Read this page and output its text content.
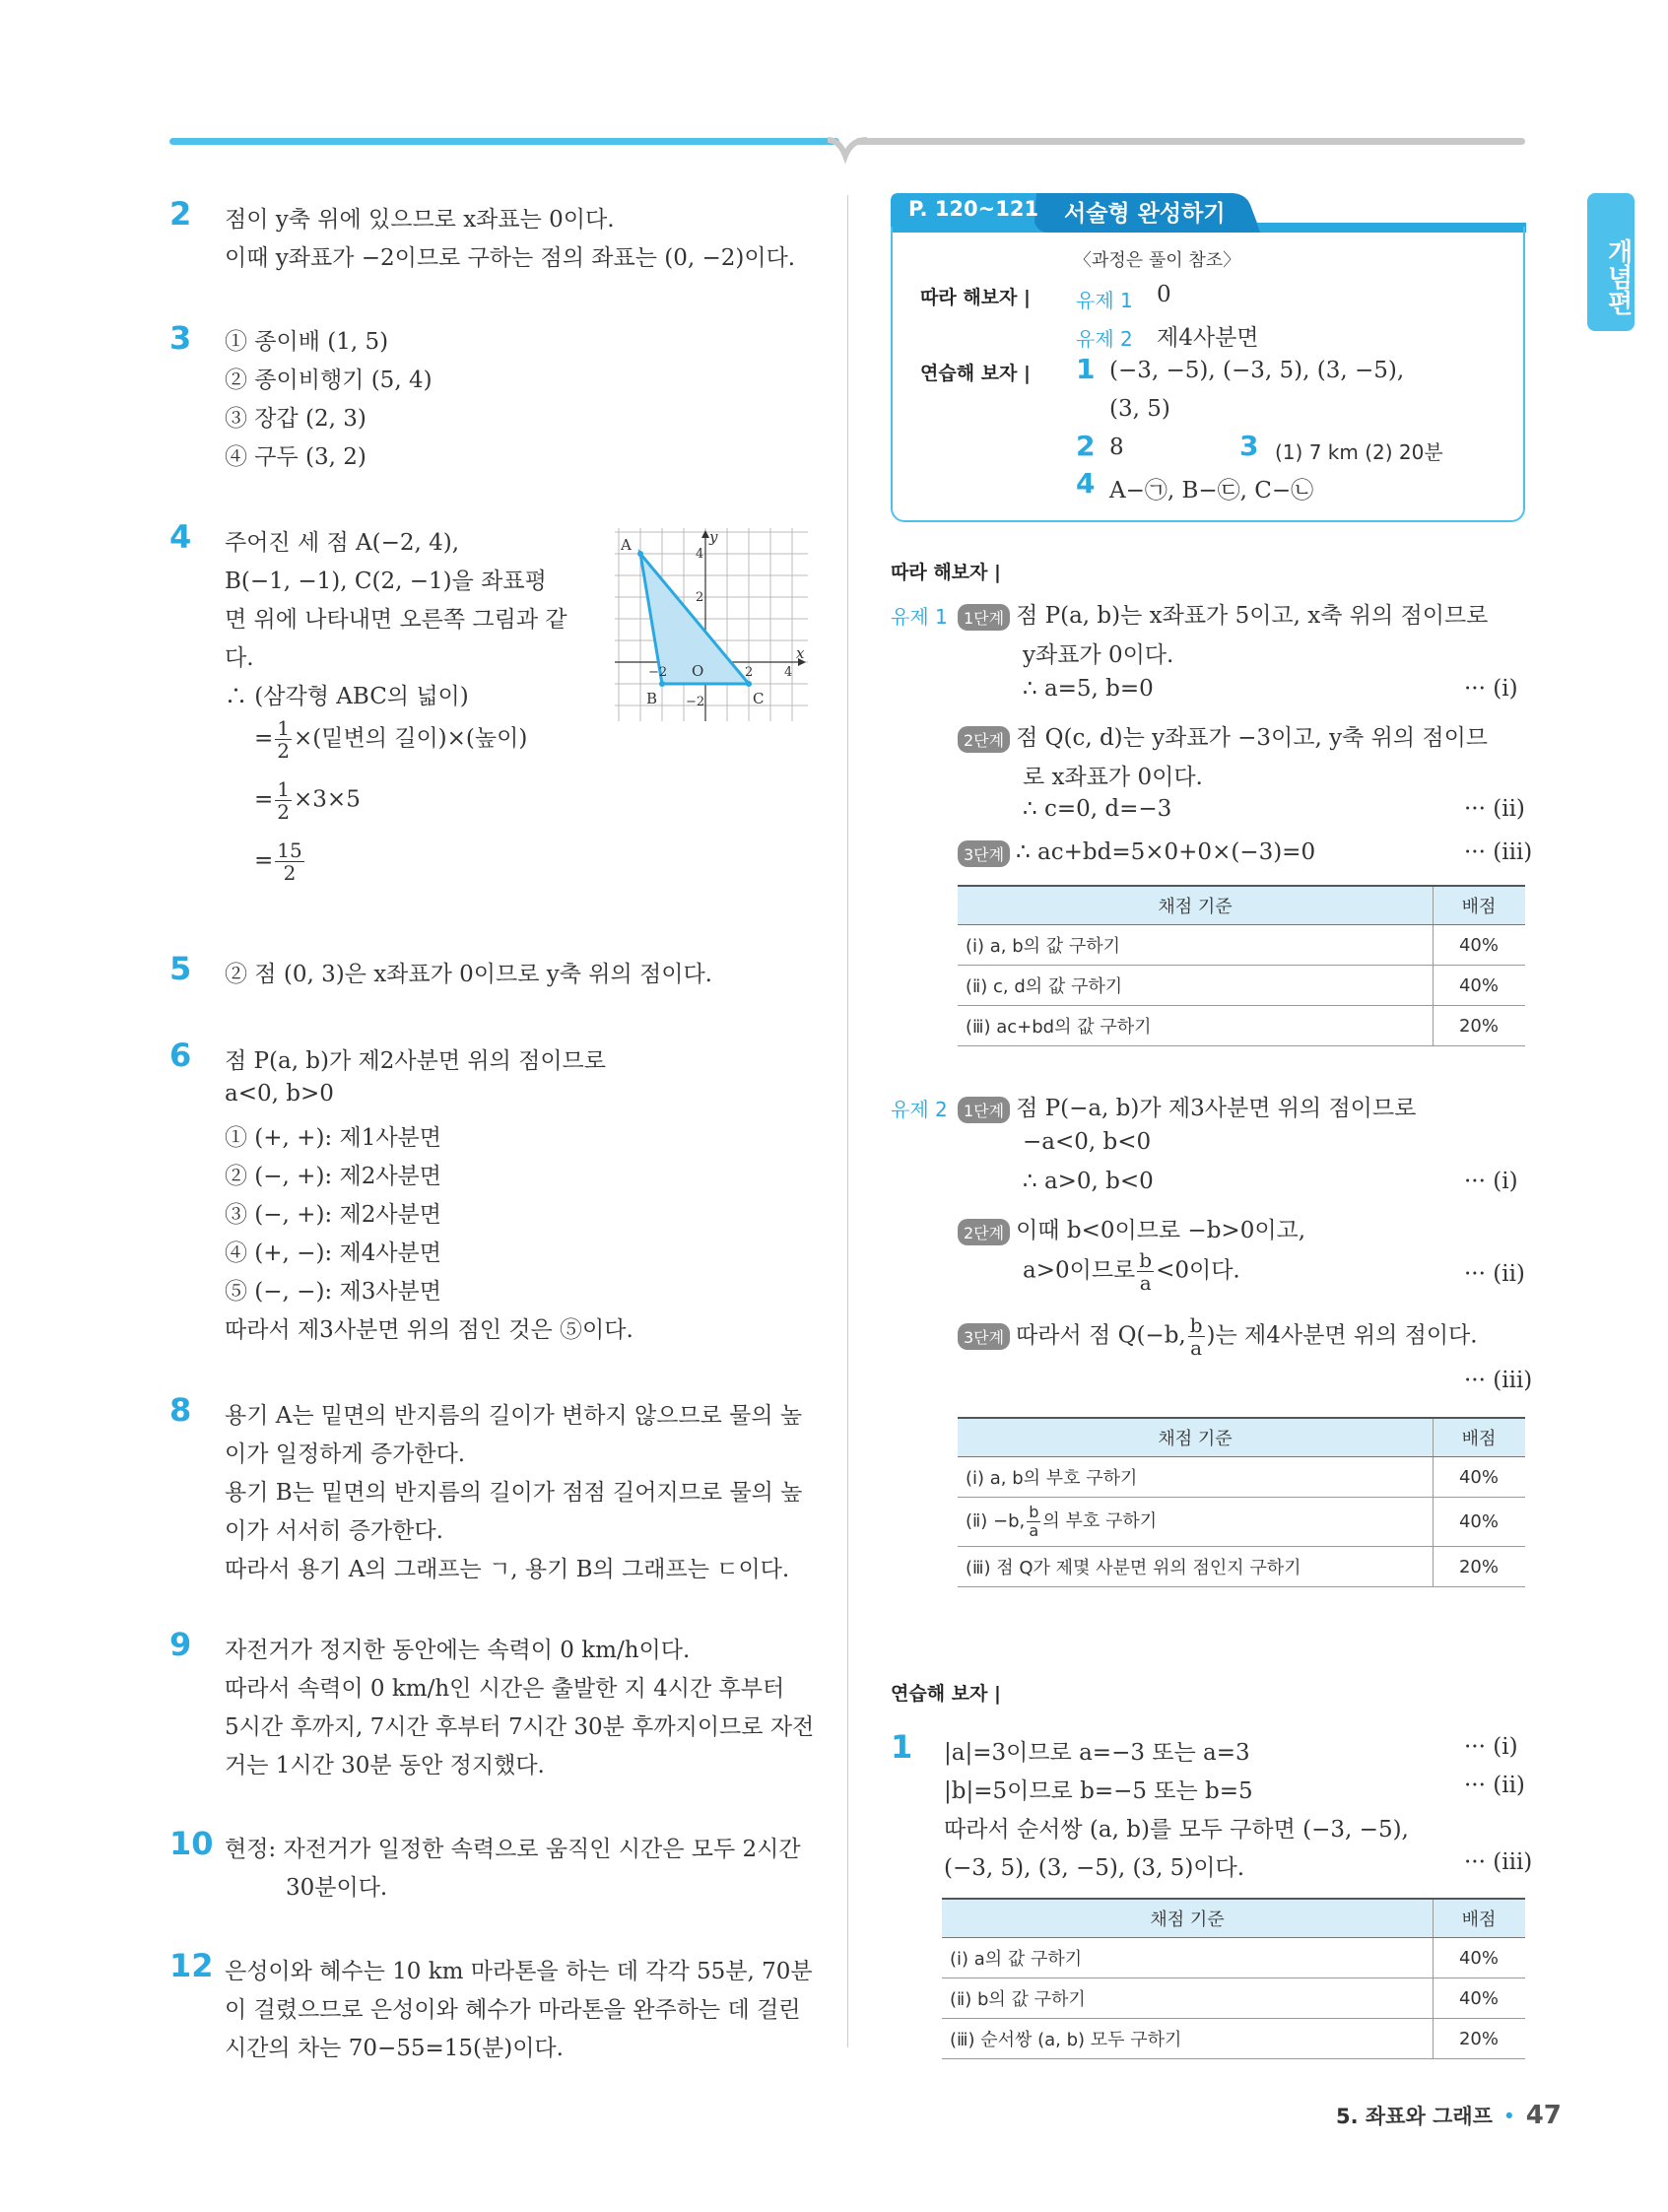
개념편
2 점이 y축 위에 있으므로 x좌표는 0이다.
이때 y좌표가 −2이므로 구하는 점의 좌표는 (0, −2)이다.
3 ① 종이배 (1, 5)
② 종이비행기 (5, 4)
③ 장갑 (2, 3)
④ 구두 (3, 2)
4 주어진 세 점 A(−2, 4),
B(−1, −1), C(2, −1)을 좌표평
면 위에 나타내면 오른쪽 그림과 같
다.
∴ (삼각형 ABC의 넓이)
= $\frac{1}{2}$ ×(밑변의 길이)×(높이)
= $\frac{1}{2} \times 3\times 5$
= $\frac{15}{2}$
A
B	C
O
x
y
4
2
−2	2 4
−2
5 ② 점 (0, 3)은 x좌표가 0이므로 y축 위의 점이다.
6 점 P(a, b)가 제2사분면 위의 점이므로
a<0, b>0
① (+, +): 제1사분면
② (−, +): 제2사분면
③ (−, +): 제2사분면
④ (+, −): 제4사분면
⑤ (−, −): 제3사분면
따라서 제3사분면 위의 점인 것은 ⑤이다.
8 용기 A는 밑면의 반지름의 길이가 변하지 않으므로 물의 높
이가 일정하게 증가한다.
용기 B는 밑면의 반지름의 길이가 점점 길어지므로 물의 높
이가 서서히 증가한다.
따라서 용기 A의 그래프는 ㄱ, 용기 B의 그래프는 ㄷ이다.
9 자전거가 정지한 동안에는 속력이 0 km/h이다.
따라서 속력이 0 km/h인 시간은 출발한 지 4시간 후부터
5시간 후까지, 7시간 후부터 7시간 30분 후까지이므로 자전
거는 1시간 30분 동안 정지했다.
10 현정: 자전거가 일정한 속력으로 움직인 시간은 모두 2시간
30분이다.
12 은성이와 혜수는 10 km 마라톤을 하는 데 각각 55분, 70분
이 걸렸으므로 은성이와 혜수가 마라톤을 완주하는 데 걸린
시간의 차는 70−55=15(분)이다.
P. 120~121 서술형 완성하기
〈과정은 풀이 참조〉
따라 해보자 | 유제 1 0
유제 2 제4사분면
연습해 보자 | 1 (−3, −5), (−3, 5), (3, −5),
(3, 5)
2 8	3 (1) 7 km (2) 20분
4 A−㉠, B−㉢, C−㉡
따라 해보자 |
유제 1	1단계 점 P(a, b)는 x좌표가 5이고, x축 위의 점이므로
y좌표가 0이다.
∴ a=5, b=0	··· (ⅰ)
2단계 점 Q(c, d)는 y좌표가 −3이고, y축 위의 점이므
로 x좌표가 0이다.
∴ c=0, d=−3	··· (ⅱ)
3단계 ∴ ac+bd=5×0+0×(−3)=0	··· (ⅲ)
채점 기준	배점
(ⅰ) a, b의 값 구하기	40%
(ⅱ) c, d의 값 구하기	40%
(ⅲ) ac+bd의 값 구하기	20%
유제 2	1단계 점 P(−a, b)가 제3사분면 위의 점이므로
−a<0, b<0
∴ a>0, b<0	··· (ⅰ)
2단계 이때 b<0이므로 −b>0이고,
a>0이므로 $\frac{b}{a} <0$이다.	··· (ⅱ)
3단계 따라서 점 Q(−b, $\frac{b}{a}$ )는 제4사분면 위의 점이다.
··· (ⅲ)
채점 기준	배점
(ⅰ) a, b의 부호 구하기	40%
(ⅱ) −b, $\frac{b}{a}$ 의 부호 구하기	40%
(ⅲ) 점 Q가 제몇 사분면 위의 점인지 구하기	20%
연습해 보자 |
1 |a|=3이므로 a=−3 또는 a=3	··· (ⅰ)
|b|=5이므로 b=−5 또는 b=5	··· (ⅱ)
따라서 순서쌍 (a, b)를 모두 구하면 (−3, −5),
(−3, 5), (3, −5), (3, 5)이다.	··· (ⅲ)
채점 기준	배점
(ⅰ) a의 값 구하기	40%
(ⅱ) b의 값 구하기	40%
(ⅲ) 순서쌍 (a, b) 모두 구하기	20%
5. 좌표와 그래프 • 47
